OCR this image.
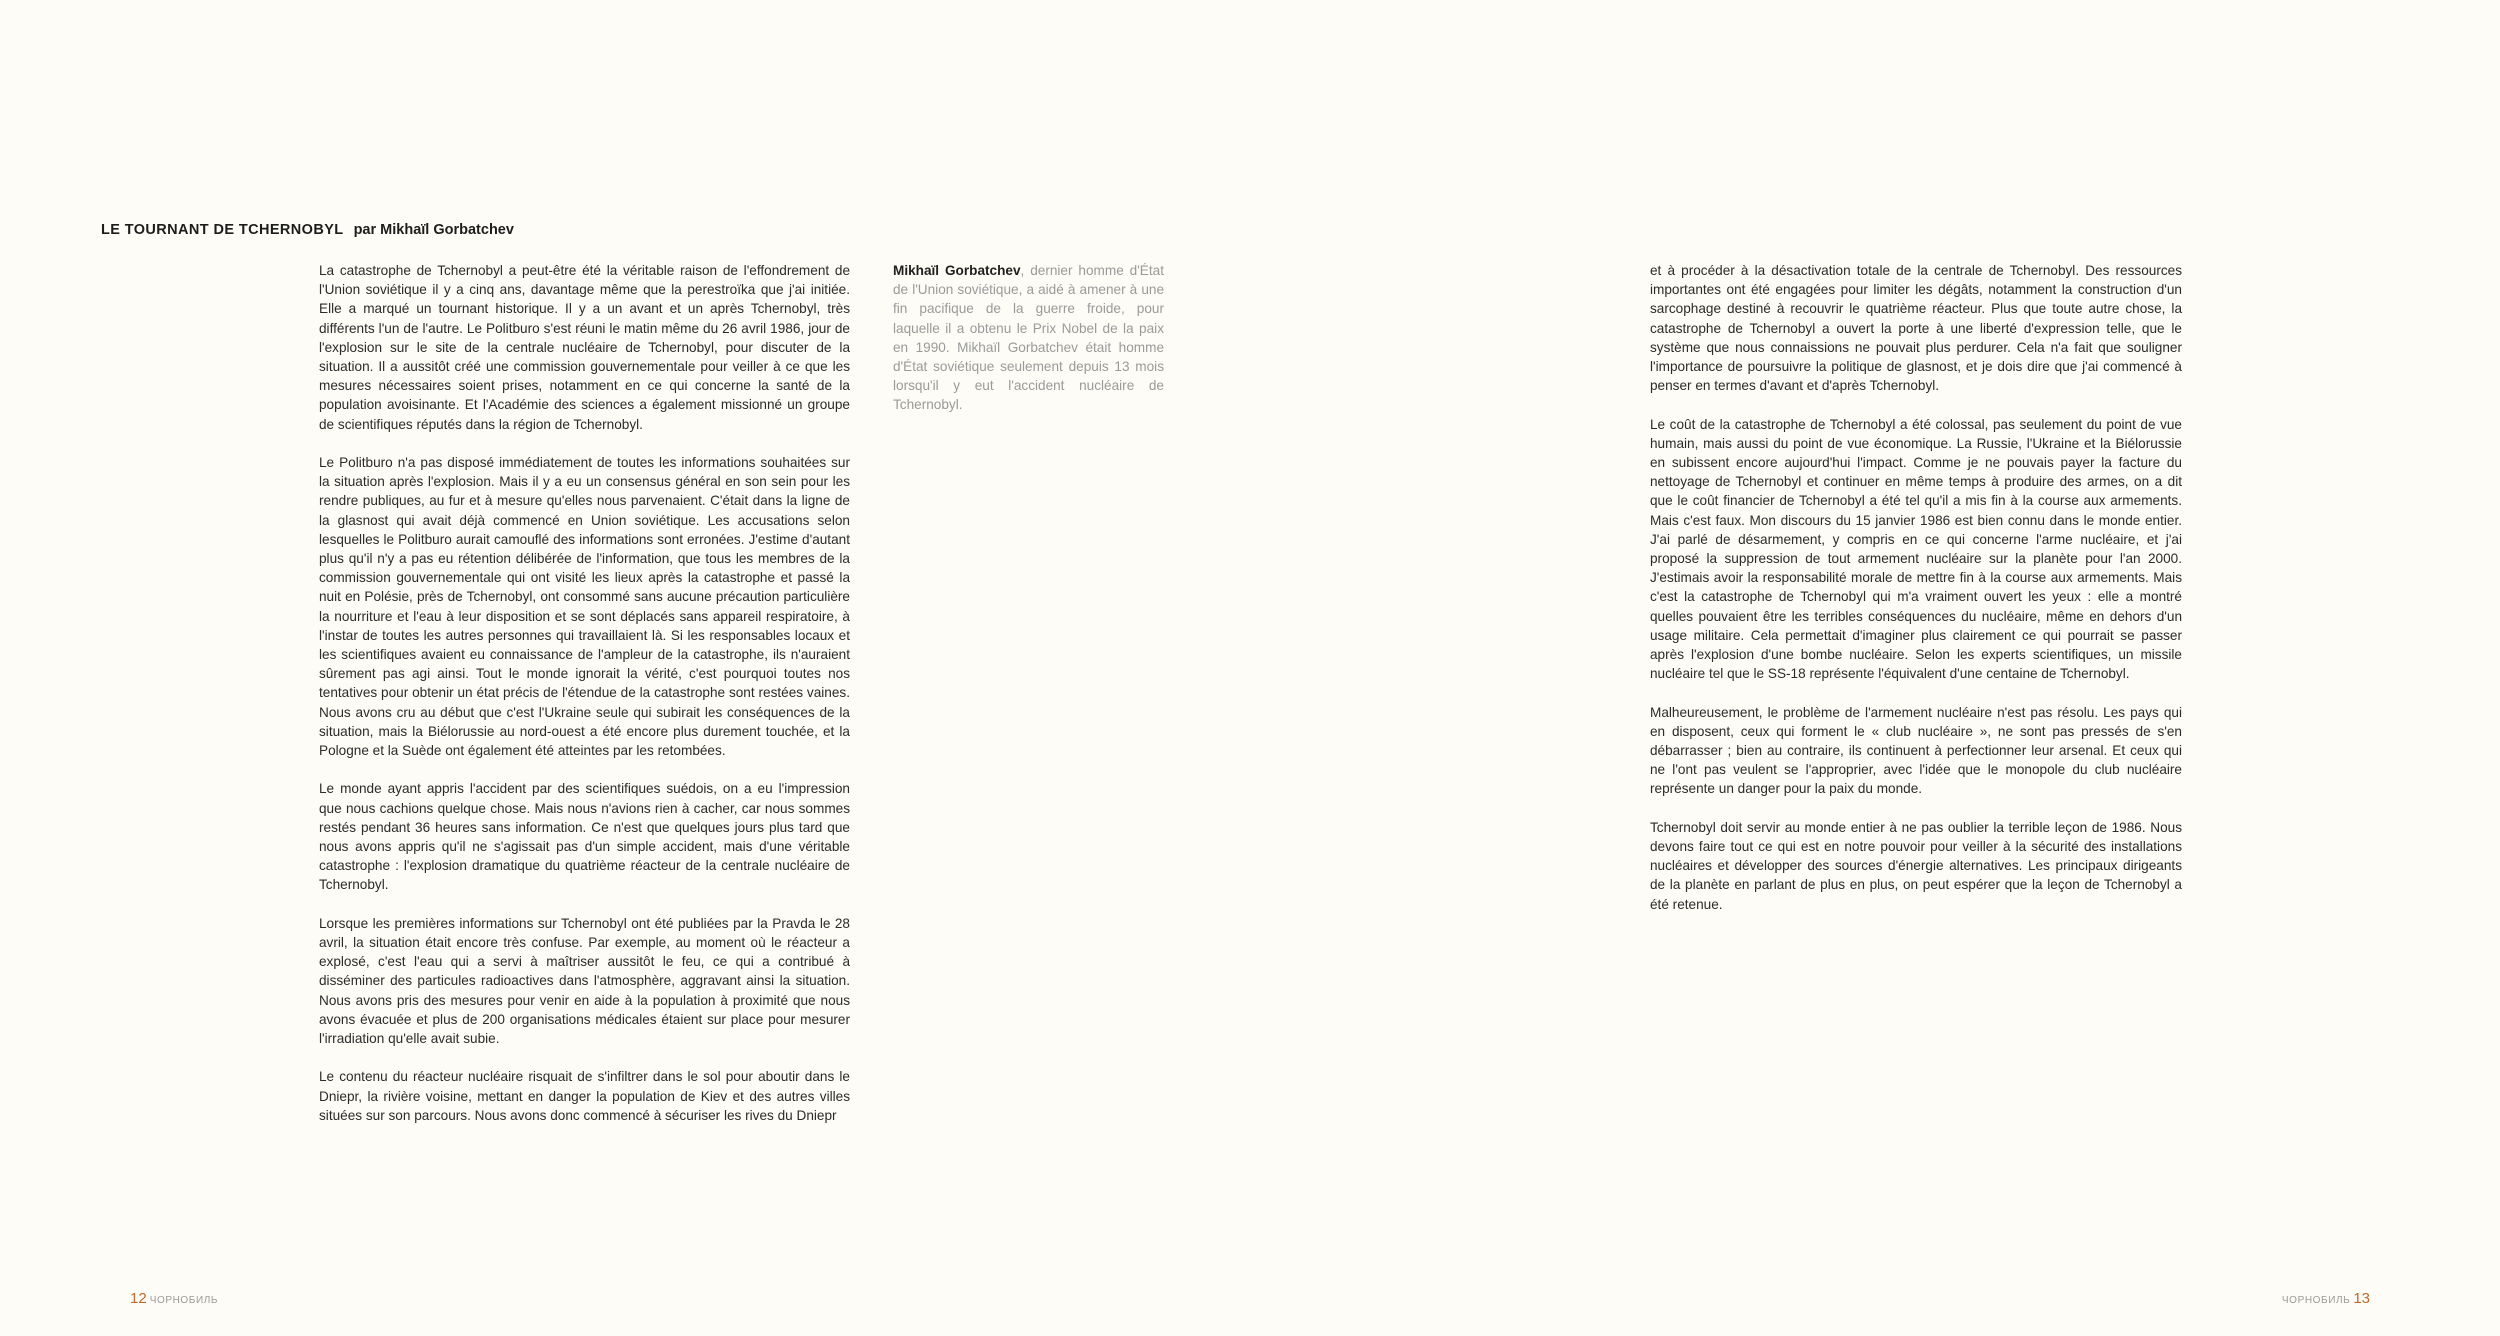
LE TOURNANT DE TCHERNOBYL par Mikhaïl Gorbatchev

La catastrophe de Tchernobyl a peut-être été la véritable raison de l'effondrement de l'Union soviétique il y a cinq ans, davantage même que la perestroïka que j'ai initiée. Elle a marqué un tournant historique. Il y a un avant et un après Tchernobyl, très différents l'un de l'autre. Le Politburo s'est réuni le matin même du 26 avril 1986, jour de l'explosion sur le site de la centrale nucléaire de Tchernobyl, pour discuter de la situation. Il a aussitôt créé une commission gouvernementale pour veiller à ce que les mesures nécessaires soient prises, notamment en ce qui concerne la santé de la population avoisinante. Et l'Académie des sciences a également missionné un groupe de scientifiques réputés dans la région de Tchernobyl.

Le Politburo n'a pas disposé immédiatement de toutes les informations souhaitées sur la situation après l'explosion. Mais il y a eu un consensus général en son sein pour les rendre publiques, au fur et à mesure qu'elles nous parvenaient. C'était dans la ligne de la glasnost qui avait déjà commencé en Union soviétique. Les accusations selon lesquelles le Politburo aurait camouflé des informations sont erronées. J'estime d'autant plus qu'il n'y a pas eu rétention délibérée de l'information, que tous les membres de la commission gouvernementale qui ont visité les lieux après la catastrophe et passé la nuit en Polésie, près de Tchernobyl, ont consommé sans aucune précaution particulière la nourriture et l'eau à leur disposition et se sont déplacés sans appareil respiratoire, à l'instar de toutes les autres personnes qui travaillaient là. Si les responsables locaux et les scientifiques avaient eu connaissance de l'ampleur de la catastrophe, ils n'auraient sûrement pas agi ainsi. Tout le monde ignorait la vérité, c'est pourquoi toutes nos tentatives pour obtenir un état précis de l'étendue de la catastrophe sont restées vaines. Nous avons cru au début que c'est l'Ukraine seule qui subirait les conséquences de la situation, mais la Biélorussie au nord-ouest a été encore plus durement touchée, et la Pologne et la Suède ont également été atteintes par les retombées.

Le monde ayant appris l'accident par des scientifiques suédois, on a eu l'impression que nous cachions quelque chose. Mais nous n'avions rien à cacher, car nous sommes restés pendant 36 heures sans information. Ce n'est que quelques jours plus tard que nous avons appris qu'il ne s'agissait pas d'un simple accident, mais d'une véritable catastrophe : l'explosion dramatique du quatrième réacteur de la centrale nucléaire de Tchernobyl.

Lorsque les premières informations sur Tchernobyl ont été publiées par la Pravda le 28 avril, la situation était encore très confuse. Par exemple, au moment où le réacteur a explosé, c'est l'eau qui a servi à maîtriser aussitôt le feu, ce qui a contribué à disséminer des particules radioactives dans l'atmosphère, aggravant ainsi la situation. Nous avons pris des mesures pour venir en aide à la population à proximité que nous avons évacuée et plus de 200 organisations médicales étaient sur place pour mesurer l'irradiation qu'elle avait subie.

Le contenu du réacteur nucléaire risquait de s'infiltrer dans le sol pour aboutir dans le Dniepr, la rivière voisine, mettant en danger la population de Kiev et des autres villes situées sur son parcours. Nous avons donc commencé à sécuriser les rives du Dniepr

Mikhaïl Gorbatchev, dernier homme d'État de l'Union soviétique, a aidé à amener à une fin pacifique de la guerre froide, pour laquelle il a obtenu le Prix Nobel de la paix en 1990. Mikhaïl Gorbatchev était homme d'État soviétique seulement depuis 13 mois lorsqu'il y eut l'accident nucléaire de Tchernobyl.
12 ЧОРНОБИЛЬ

et à procéder à la désactivation totale de la centrale de Tchernobyl. Des ressources importantes ont été engagées pour limiter les dégâts, notamment la construction d'un sarcophage destiné à recouvrir le quatrième réacteur. Plus que toute autre chose, la catastrophe de Tchernobyl a ouvert la porte à une liberté d'expression telle, que le système que nous connaissions ne pouvait plus perdurer. Cela n'a fait que souligner l'importance de poursuivre la politique de glasnost, et je dois dire que j'ai commencé à penser en termes d'avant et d'après Tchernobyl.

Le coût de la catastrophe de Tchernobyl a été colossal, pas seulement du point de vue humain, mais aussi du point de vue économique. La Russie, l'Ukraine et la Biélorussie en subissent encore aujourd'hui l'impact. Comme je ne pouvais payer la facture du nettoyage de Tchernobyl et continuer en même temps à produire des armes, on a dit que le coût financier de Tchernobyl a été tel qu'il a mis fin à la course aux armements. Mais c'est faux. Mon discours du 15 janvier 1986 est bien connu dans le monde entier. J'ai parlé de désarmement, y compris en ce qui concerne l'arme nucléaire, et j'ai proposé la suppression de tout armement nucléaire sur la planète pour l'an 2000. J'estimais avoir la responsabilité morale de mettre fin à la course aux armements. Mais c'est la catastrophe de Tchernobyl qui m'a vraiment ouvert les yeux : elle a montré quelles pouvaient être les terribles conséquences du nucléaire, même en dehors d'un usage militaire. Cela permettait d'imaginer plus clairement ce qui pourrait se passer après l'explosion d'une bombe nucléaire. Selon les experts scientifiques, un missile nucléaire tel que le SS-18 représente l'équivalent d'une centaine de Tchernobyl.

Malheureusement, le problème de l'armement nucléaire n'est pas résolu. Les pays qui en disposent, ceux qui forment le « club nucléaire », ne sont pas pressés de s'en débarrasser ; bien au contraire, ils continuent à perfectionner leur arsenal. Et ceux qui ne l'ont pas veulent se l'approprier, avec l'idée que le monopole du club nucléaire représente un danger pour la paix du monde.

Tchernobyl doit servir au monde entier à ne pas oublier la terrible leçon de 1986. Nous devons faire tout ce qui est en notre pouvoir pour veiller à la sécurité des installations nucléaires et développer des sources d'énergie alternatives. Les principaux dirigeants de la planète en parlant de plus en plus, on peut espérer que la leçon de Tchernobyl a été retenue.

ЧОРНОБИЛЬ 13
